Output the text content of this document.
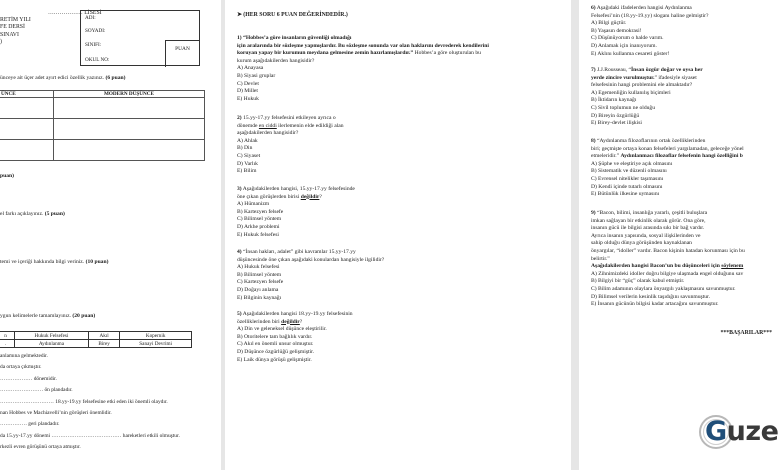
……………… LİSESİ
RETİM YILI
FE DERSİ
SINAVI
)
ADI:
SOYADI:
SINIFI:
OKUL NO:
PUAN
ünceye ait üçer adet ayırt edici özellik yazınız. (6 puan)
ÜNCE	MODERN DÜŞÜNCE

puan)
el farkı açıklayınız. (5 puan)
temi ve içeriği hakkında bilgi veriniz. (10 puan)
ygun kelimelerle tamamlayınız. (20 puan)
n	Hukuk Felsefesi	Akıl	Kopernik
.	Aydınlanma	Birey	Sanayi Devrimi
anlamına gelmektedir.
da ortaya çıkmıştır.
……………… dönemidir.
…………………… ön plandadır.
………………………… 18.yy-19.yy felsefesine etki eden iki önemli olaydır.
nan Hobbes ve Machiavelli’nin görüşleri önemlidir.
…………… geri plandadır.
da 15.yy-17.yy dönemi ………………………………… hareketleri etkili olmuştur.
rkezli evren görüşünü ortaya atmıştır.
➤ (HER SORU 6 PUAN DEĞERİNDEDİR.)
1) “Hobbes’a göre insanların güvenliği olmadığı
için aralarında bir sözleşme yapmışlardır. Bu sözleşme sonunda var olan haklarını devrederek kendilerini
koruyan yapay bir kurumun meydana gelmesine zemin hazırlamışlardır.” Hobbes’a göre oluşturulan bu
kurum aşağıdakilerden hangisidir?
A) Anayasa
B) Siyasi gruplar
C) Devlet
D) Millet
E) Hukuk
2) 15.yy-17.yy felsefesini etkileyen ayrıca o
dönemde en ciddi ilerlemenin elde edildiği alan
aşağıdakilerden hangisidir?
A) Ahlak
B) Din
C) Siyaset
D) Varlık
E) Bilim
3) Aşağıdakilerden hangisi, 15.yy-17.yy felsefesinde
öne çıkan görüşlerden birisi değildir?
A) Hümanizm
B) Kartezyen felsefe
C) Bilimsel yöntem
D) Arkhe problemi
E) Hukuk felsefesi
4) “İnsan hakları, adalet” gibi kavramlar 15.yy-17.yy
düşüncesinde öne çıkan aşağıdaki konulardan hangisiyle ilgilidir?
A) Hukuk felsefesi
B) Bilimsel yöntem
C) Kartezyen felsefe
D) Doğayı anlama
E) Bilginin kaynağı
5) Aşağıdakilerden hangisi 18.yy-19.yy felsefesinin
özelliklerinden biri değildir?
A) Din ve geleneksel düşünce eleştirilir.
B) Otoritelere tam bağlılık vardır.
C) Akıl en önemli unsur olmuştur.
D) Düşünce özgürlüğü gelişmiştir.
E) Laik dünya görüşü gelişmiştir.
6) Aşağıdaki ifadelerden hangisi Aydınlanma
Felsefesi’nin (18.yy-19.yy) sloganı haline gelmiştir?
A) Bilgi güçtür.
B) Yaşasın demokrasi!
C) Düşünüyorum o halde varım.
D) Anlamak için inanıyorum.
E) Aklını kullanma cesareti göster!
7) J.J.Rousseau, “İnsan özgür doğar ve oysa her
yerde zincire vurulmuştur.” ifadesiyle siyaset
felsefesinin hangi problemini ele almaktadır?
A) Egemenliğin kullanılış biçimleri
B) İktidarın kaynağı
C) Sivil toplumun ne olduğu
D) Bireyin özgürlüğü
E) Birey-devlet ilişkisi
8) “Aydınlanma filozoflarının ortak özelliklerinden
biri; geçmişte ortaya konan felsefeleri yargılamadan, geleceğe yönel
etmeleridir.” Aydınlanmacı filozoflar felsefenin hangi özelliğini b
A) Şüphe ve eleştiriye açık olmasını
B) Sistematik ve düzenli olmasını
C) Evrensel nitelikler taşımasını
D) Kendi içinde tutarlı olmasını
E) Bütünlük ilkesine uymasını
9) “Bacon, bilimi, insanlığa yararlı, çeşitli buluşlara
imkan sağlayan bir etkinlik olarak görür. Ona göre,
insanın gücü ile bilgisi arasında sıkı bir bağ vardır.
Ayrıca insanın yapısında, sosyal ilişkilerinden ve
sahip olduğu dünya görüşünden kaynaklanan
önyargılar, “idoller” vardır. Bacon kişinin hatadan korunması için bu
belirtir.”
Aşağıdakilerden hangisi Bacon’un bu düşünceleri için söylenem
A) Zihnimizdeki idoller doğru bilgiye ulaşmada engel olduğunu sav
B) Bilgiyi bir “güç” olarak kabul etmiştir.
C) Bilim adamının olaylara önyargılı yaklaşmasını savunmuştur.
D) Bilimsel verilerin kesinlik taşıdığını savunmuştur.
E) İnsanın gücünün bilgisi kadar artacağını savunmuştur.
***BAŞARILAR***
Guze
